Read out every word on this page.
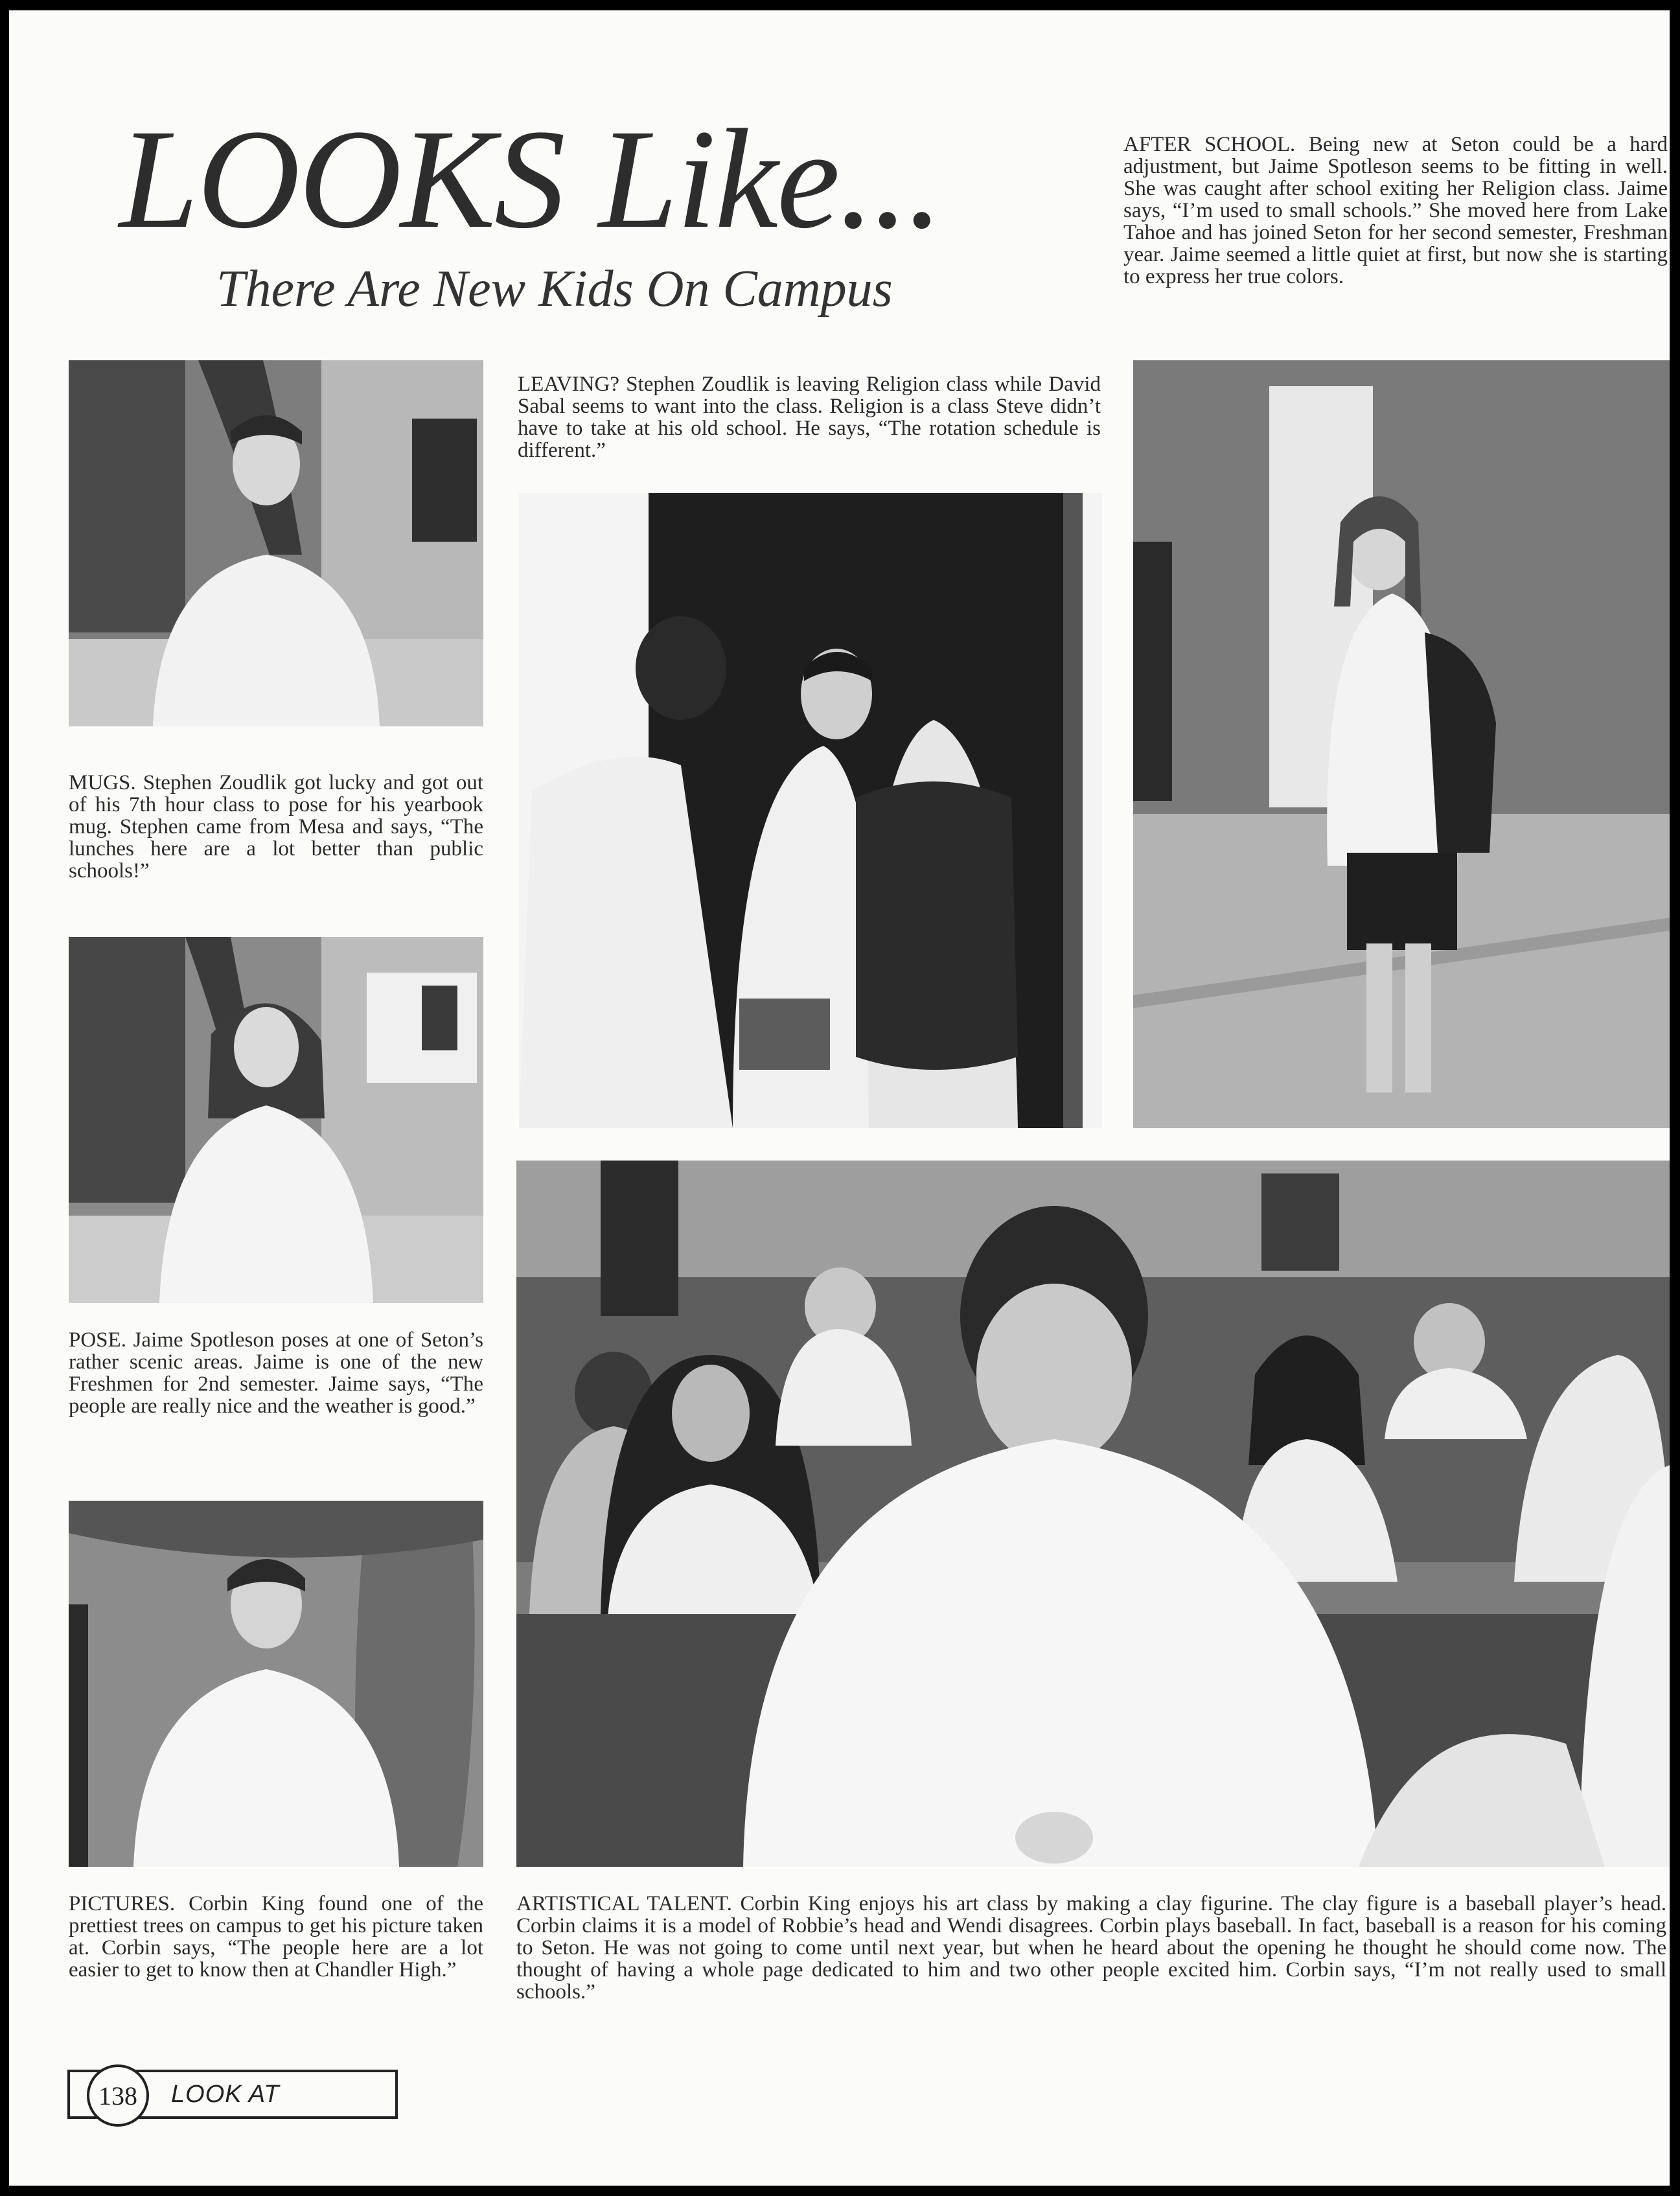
LOOKS Like...
There Are New Kids On Campus

AFTER SCHOOL. Being new at Seton could be a hard adjustment, but Jaime Spotleson seems to be fitting in well. She was caught after school exiting her Religion class. Jaime says, “I’m used to small schools.” She moved here from Lake Tahoe and has joined Seton for her second semester, Freshman year. Jaime seemed a little quiet at first, but now she is starting to express her true colors.

LEAVING? Stephen Zoudlik is leaving Religion class while David Sabal seems to want into the class. Religion is a class Steve didn’t have to take at his old school. He says, “The rotation schedule is different.”

MUGS. Stephen Zoudlik got lucky and got out of his 7th hour class to pose for his yearbook mug. Stephen came from Mesa and says, “The lunches here are a lot better than public schools!”

POSE. Jaime Spotleson poses at one of Seton’s rather scenic areas. Jaime is one of the new Freshmen for 2nd semester. Jaime says, “The people are really nice and the weather is good.”

PICTURES. Corbin King found one of the prettiest trees on campus to get his picture taken at. Corbin says, “The people here are a lot easier to get to know then at Chandler High.”

ARTISTICAL TALENT. Corbin King enjoys his art class by making a clay figurine. The clay figure is a baseball player’s head. Corbin claims it is a model of Robbie’s head and Wendi disagrees. Corbin plays baseball. In fact, baseball is a reason for his coming to Seton. He was not going to come until next year, but when he heard about the opening he thought he should come now. The thought of having a whole page dedicated to him and two other people excited him. Corbin says, “I’m not really used to small schools.”

138	LOOK AT
